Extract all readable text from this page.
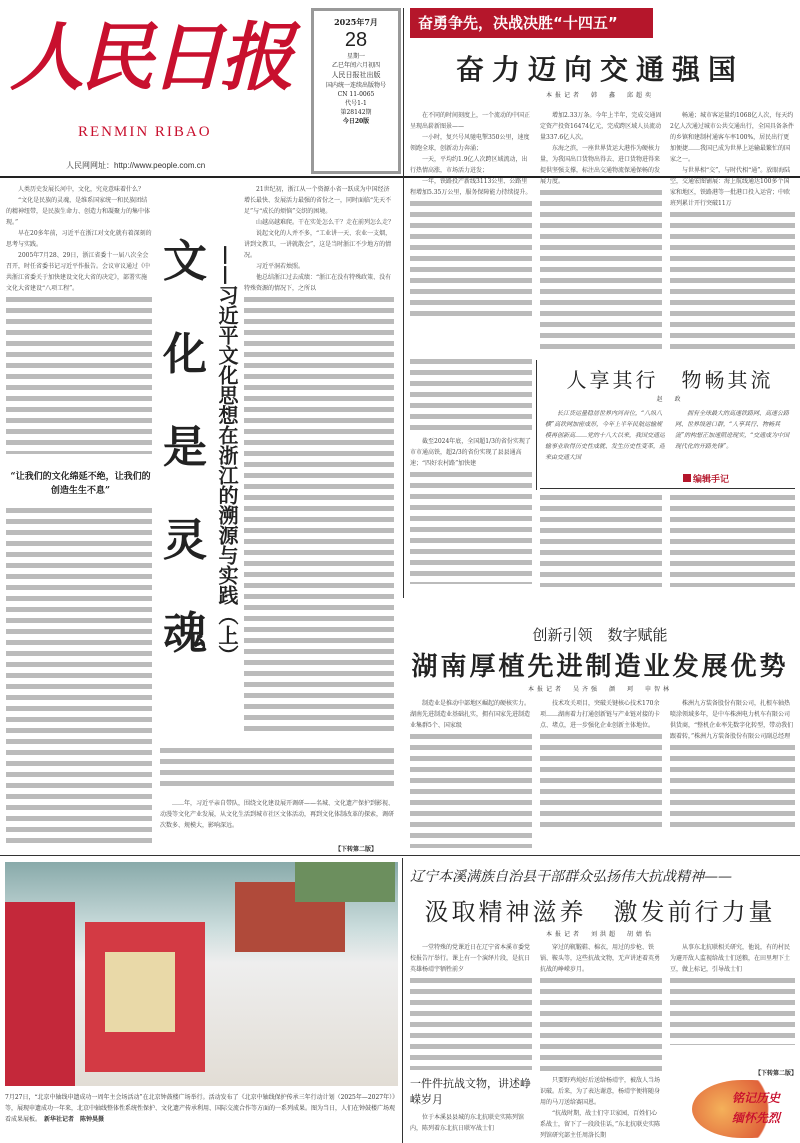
人民日报
RENMIN RIBAO
人民网网址：http://www.people.com.cn
2025年7月
28
星期一
乙巳年闰六月初四
人民日报社出版
国内统一连续出版物号
CN 11-0065
代号1-1
第28142期
今日20版
奋勇争先，决战决胜“十四五”
奋力迈向交通强国
本报记者　韩　鑫　邱超奕

在不同的时间刻度上，一个流动的中国正呈现出崭新图景——

一小时，复兴号风驰电掣350公里，速度领跑全球，创新动力奔涌；

一天，平均约1.9亿人次跨区域流动，出行热情高涨，市场活力迸发；

一年，铁路投产新线3113公里、公路里程增加5.35万公里，服务保障能力持续提升。

增加2.33万条。今年上半年，完成交通固定资产投资16474亿元，完成跨区域人员流动量337.6亿人次。

东海之滨，一座世界货运大港作为硬核力量，为我国出口货物出得去、进口货物进得来提供坚强支撑，标注出交通物流保通保畅的发展力度。

畅通；城市客运量约1068亿人次，每天约2亿人次通过城市公共交通出行，全国具备条件的乡镇和建制村通客车率100%，居民出行更加便捷……我国已成为世界上运输最繁忙的国家之一。

与世界相“交”，与时代相“通”。放眼海陆空，交通宏图铺展：海上航线通达100多个国家和地区，铁路港等一批港口投入运营；中欧班列累计开行突破11万

截至2024年底，全国超1/3的省份实现了市市通高铁，超2/3的省份实现了县县通高速；“四好农村路”加快建

人享其行　物畅其流
赵　政

长江货运量稳居世界内河首位，“八纵八横”高铁网加密成形，今年上半年民航运输规模再创新高……党的十八大以来，我国交通运输事业取得历史性成就、发生历史性变革，迎来由交通大国

拥有全球最大的高速铁路网、高速公路网、世界级港口群，“人享其行、物畅其流”的构想正加速照进现实，“交通成为中国现代化的开路先锋”。

编辑手记
创新引领　数字赋能
湖南厚植先进制造业发展优势
本报记者　吴齐强　颜　珂　申智林

制造业是推动中部地区崛起的硬核实力。湖南先进制造业基础扎实，拥有国家先进制造业集群5个、国家级

技术攻关项目，突破关键核心技术170余项……湖南着力打通创新链与产业链对接的卡点、堵点，进一步强化企业创新主体地位。

株洲九方装备股份有限公司，扎根车轴热喷涂领域多年，是中车株洲电力机车有限公司供货商，“整机企业率先数字化转型，带动我们跟着转，”株洲九方装备股份有限公司副总经理

人类历史发展长河中，文化，究竟意味着什么？

“文化是民族的灵魂，是维系国家统一和民族团结的精神纽带，是民族生命力、创造力和凝聚力的集中体现。”

早在20多年前，习近平在浙江对文化就有着深刻的思考与实践。

2005年7月28、29日，浙江省委十一届八次全会召开，时任省委书记习近平作报告。会议审议通过《中共浙江省委关于加快建设文化大省的决定》，部署实施文化大省建设“八项工程”。

“让我们的文化绵延不绝，让我们的创造生生不息”
文
化
是
灵
魂 ——习近平文化思想在浙江的溯源与实践（上）

21世纪初，浙江从一个资源小省一跃成为中国经济增长最快、发展活力最强的省份之一，同时面临“先天不足”与“成长的烦恼”交织的困境。

山越高越难爬。干在实处怎么干？走在前列怎么走？

说起文化的人并不多，“工业讲一天、农业一支烟，讲到文教卫，一讲就散会”，这是当时浙江不少地方的情况。

习近平洞若烛照。

他总结浙江过去成绩：“浙江在没有特殊政策、没有特殊资源的情况下，之所以

……年，习近平亲自带队，围绕文化建设展开调研——名城、文化遗产保护到影视、动漫等文化产业发展，从文化生活到城市社区文体活动，再到文化体制改革的探索，调研次数多、规模大，影响深远。

【下转第二版】
7月27日，“北京中轴线申遗成功一周年主会场活动”在北京钟鼓楼广场举行。活动发布了《北京中轴线保护传承三年行动计划（2025年—2027年）》等，展现申遗成功一年来，北京中轴线整体性系统性保护、文化遗产传承利用、国际交流合作等方面的一系列成果。图为当日，人们在钟鼓楼广场观看成果展板。　 新华社记者　陈钟昊摄
辽宁本溪满族自治县干部群众弘扬伟大抗战精神——
汲取精神滋养　激发前行力量
本报记者　刘洪超　胡婧怡

一堂特殊的党课近日在辽宁省本溪市委党校报告厅举行。课上有一个演绎片段，是抗日英雄杨靖宇牺牲前夕

一件件抗战文物，讲述峥嵘岁月

位于本溪县县城的东北抗联史实陈列馆内，陈列着东北抗日联军战士们

穿过的靰鞡鞋、棉衣，用过的步枪、铁锅、鞍头等，这些抗战文物，无声讲述着英勇抗战的峥嵘岁月。

只要野鸡炖好后送给杨靖宇，被敌人当场识破。后来，为了表达谢意，杨靖宇便将随身用的马刀送给赛国恩。

“抗战时期，战士们守卫家园，百姓们心系战士，留下了一段段佳话，”东北抗联史实陈列馆研究部主任周洛长期

从事东北抗联相关研究，他说，有的村民为避开敌人监视给战士们送粮，在田里埋下土豆，做上标记，引导战士们

【下转第二版】
铭记历史
缅怀先烈
